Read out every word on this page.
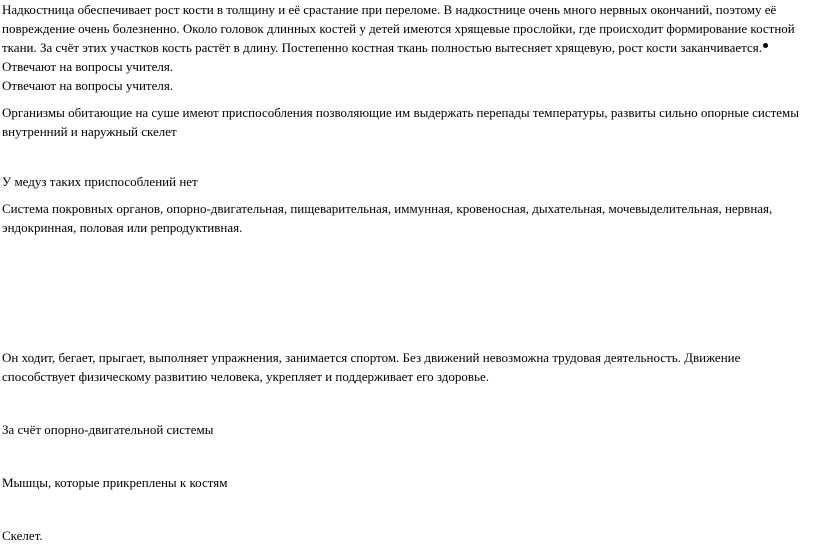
Надкостница обеспечивает рост кости в толщину и её срастание при переломе. В надкостнице очень много нервных окончаний, поэтому её повреждение очень болезненно. Около головок длинных костей у детей имеются хрящевые прослойки, где происходит формирование костной ткани. За счёт этих участков кость растёт в длину. Постепенно костная ткань полностью вытесняет хрящевую, рост кости заканчивается. Отвечают на вопросы учителя.

Отвечают на вопросы учителя.

Организмы обитающие на суше имеют приспособления позволяющие им выдержать перепады температуры, развиты сильно опорные системы внутренний и наружный скелет

У медуз таких приспособлений нет

Система покровных органов, опорно-двигательная, пищеварительная, иммунная, кровеносная, дыхательная, мочевыделительная, нервная, эндокринная, половая или репродуктивная.

Он ходит, бегает, прыгает, выполняет упражнения, занимается спортом. Без движений невозможна трудовая деятельность. Движение способствует физическому развитию человека, укрепляет и поддерживает его здоровье.

За счёт опорно-двигательной системы

Мышцы, которые прикреплены к костям

Скелет.
